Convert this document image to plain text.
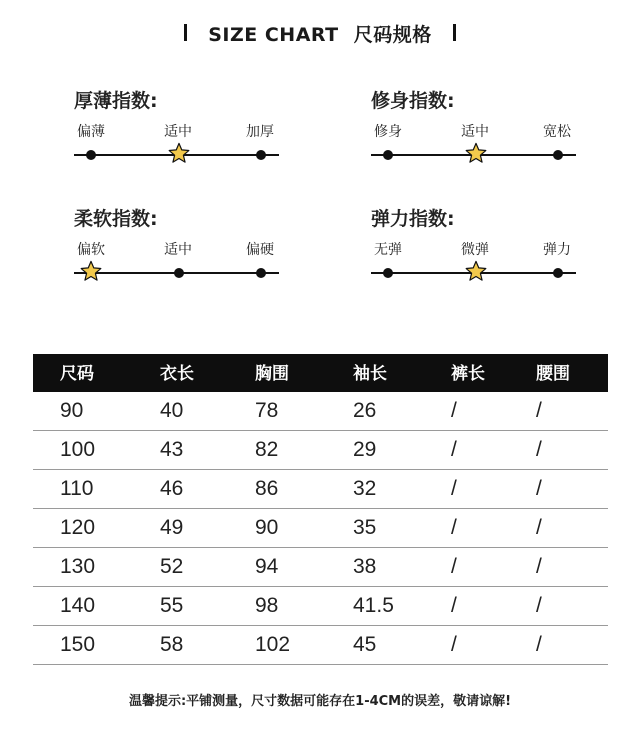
SIZE CHART 尺码规格
厚薄指数:
偏薄	适中	加厚
修身指数:
修身	适中	宽松
柔软指数:
偏软	适中	偏硬
弹力指数:
无弹	微弹	弹力
尺码	衣长	胸围	袖长	裤长	腰围
90	40	78	26	/	/
100	43	82	29	/	/
110	46	86	32	/	/
120	49	90	35	/	/
130	52	94	38	/	/
140	55	98	41.5	/	/
150	58	102	45	/	/
温馨提示:平铺测量，尺寸数据可能存在1-4CM的误差，敬请谅解!
